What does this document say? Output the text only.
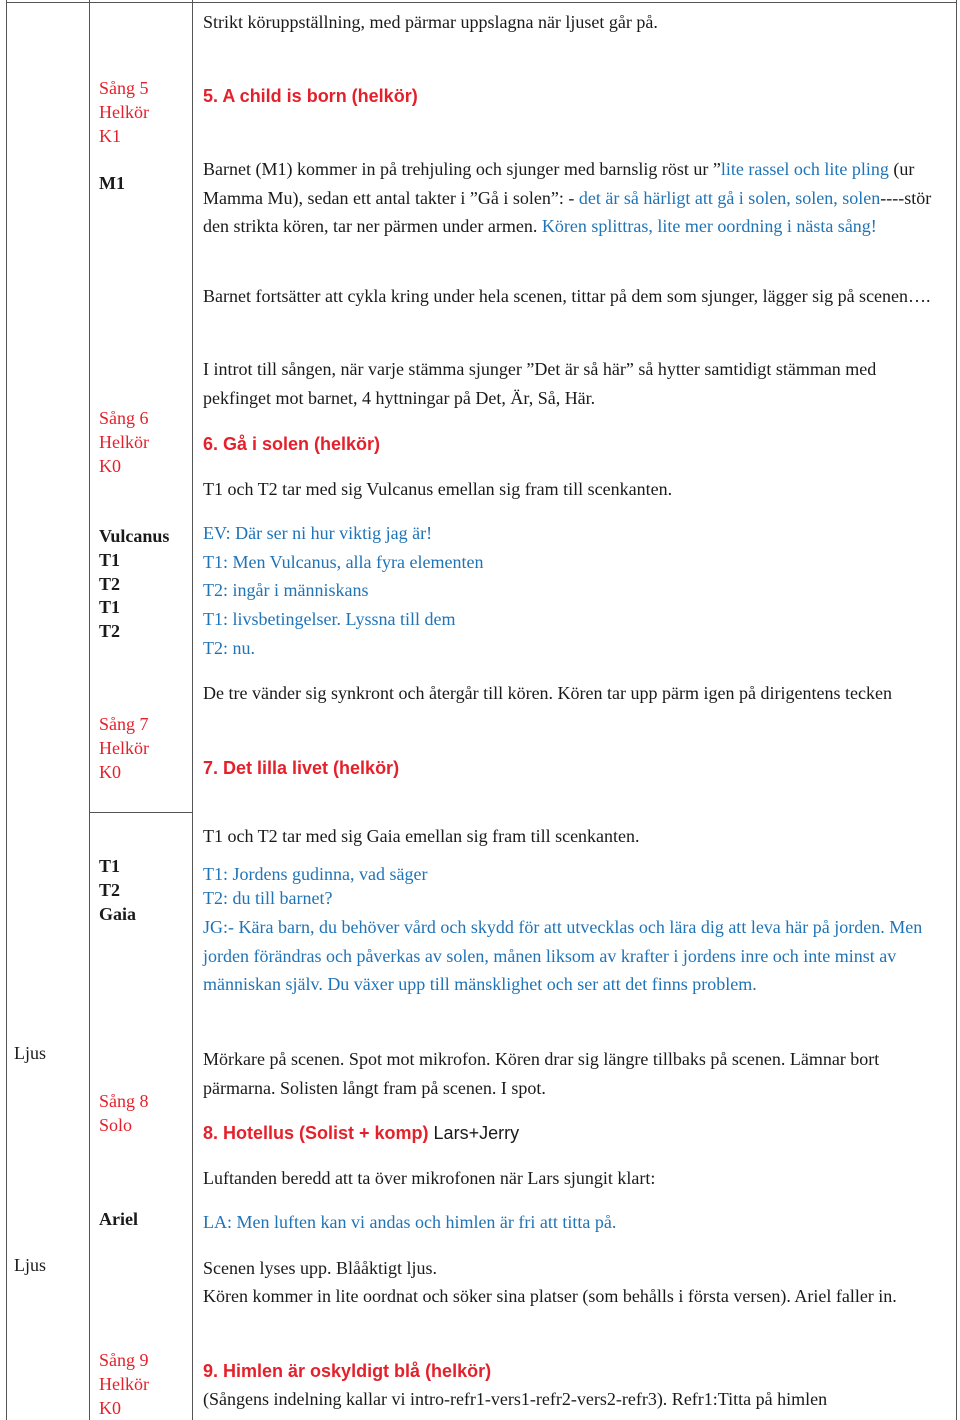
Ljus
Ljus
Sång 5
Helkör
K1
M1
Sång 6
Helkör
K0
Vulcanus
T1
T2
T1
T2
Sång 7
Helkör
K0
T1
T2
Gaia
Sång 8
Solo
Ariel
Sång 9
Helkör
K0
Strikt köruppställning, med pärmar uppslagna när ljuset går på.
5. A child is born (helkör)
Barnet (M1) kommer in på trehjuling och sjunger med barnslig röst ur ”lite rassel och lite pling (ur Mamma Mu), sedan ett antal takter i ”Gå i solen”: - det är så härligt att gå i solen, solen, solen----stör den strikta kören, tar ner pärmen under armen. Kören splittras, lite mer oordning i nästa sång!
Barnet fortsätter att cykla kring under hela scenen, tittar på dem som sjunger, lägger sig på scenen….
I introt till sången, när varje stämma sjunger ”Det är så här” så hytter samtidigt stämman med pekfinget mot barnet, 4 hyttningar på Det, Är, Så, Här.
6. Gå i solen (helkör)
T1 och T2 tar med sig Vulcanus emellan sig fram till scenkanten.
EV: Där ser ni hur viktig jag är!
T1: Men Vulcanus, alla fyra elementen
T2: ingår i människans
T1: livsbetingelser. Lyssna till dem
T2: nu.
De tre vänder sig synkront och återgår till kören. Kören tar upp pärm igen på dirigentens tecken
7. Det lilla livet (helkör)
T1 och T2 tar med sig Gaia emellan sig fram till scenkanten.
T1: Jordens gudinna, vad säger
T2: du till barnet?
JG:- Kära barn, du behöver vård och skydd för att utvecklas och lära dig att leva här på jorden. Men jorden förändras och påverkas av solen, månen liksom av krafter i jordens inre och inte minst av människan själv. Du växer upp till mänsklighet och ser att det finns problem.
Mörkare på scenen. Spot mot mikrofon. Kören drar sig längre tillbaks på scenen. Lämnar bort pärmarna. Solisten långt fram på scenen. I spot.
8. Hotellus (Solist + komp) Lars+Jerry
Luftanden beredd att ta över mikrofonen när Lars sjungit klart:
LA: Men luften kan vi andas och himlen är fri att titta på.
Scenen lyses upp. Blååktigt ljus.
Kören kommer in lite oordnat och söker sina platser (som behålls i första versen). Ariel faller in.
9. Himlen är oskyldigt blå (helkör)
(Sångens indelning kallar vi intro-refr1-vers1-refr2-vers2-refr3). Refr1:Titta på himlen
